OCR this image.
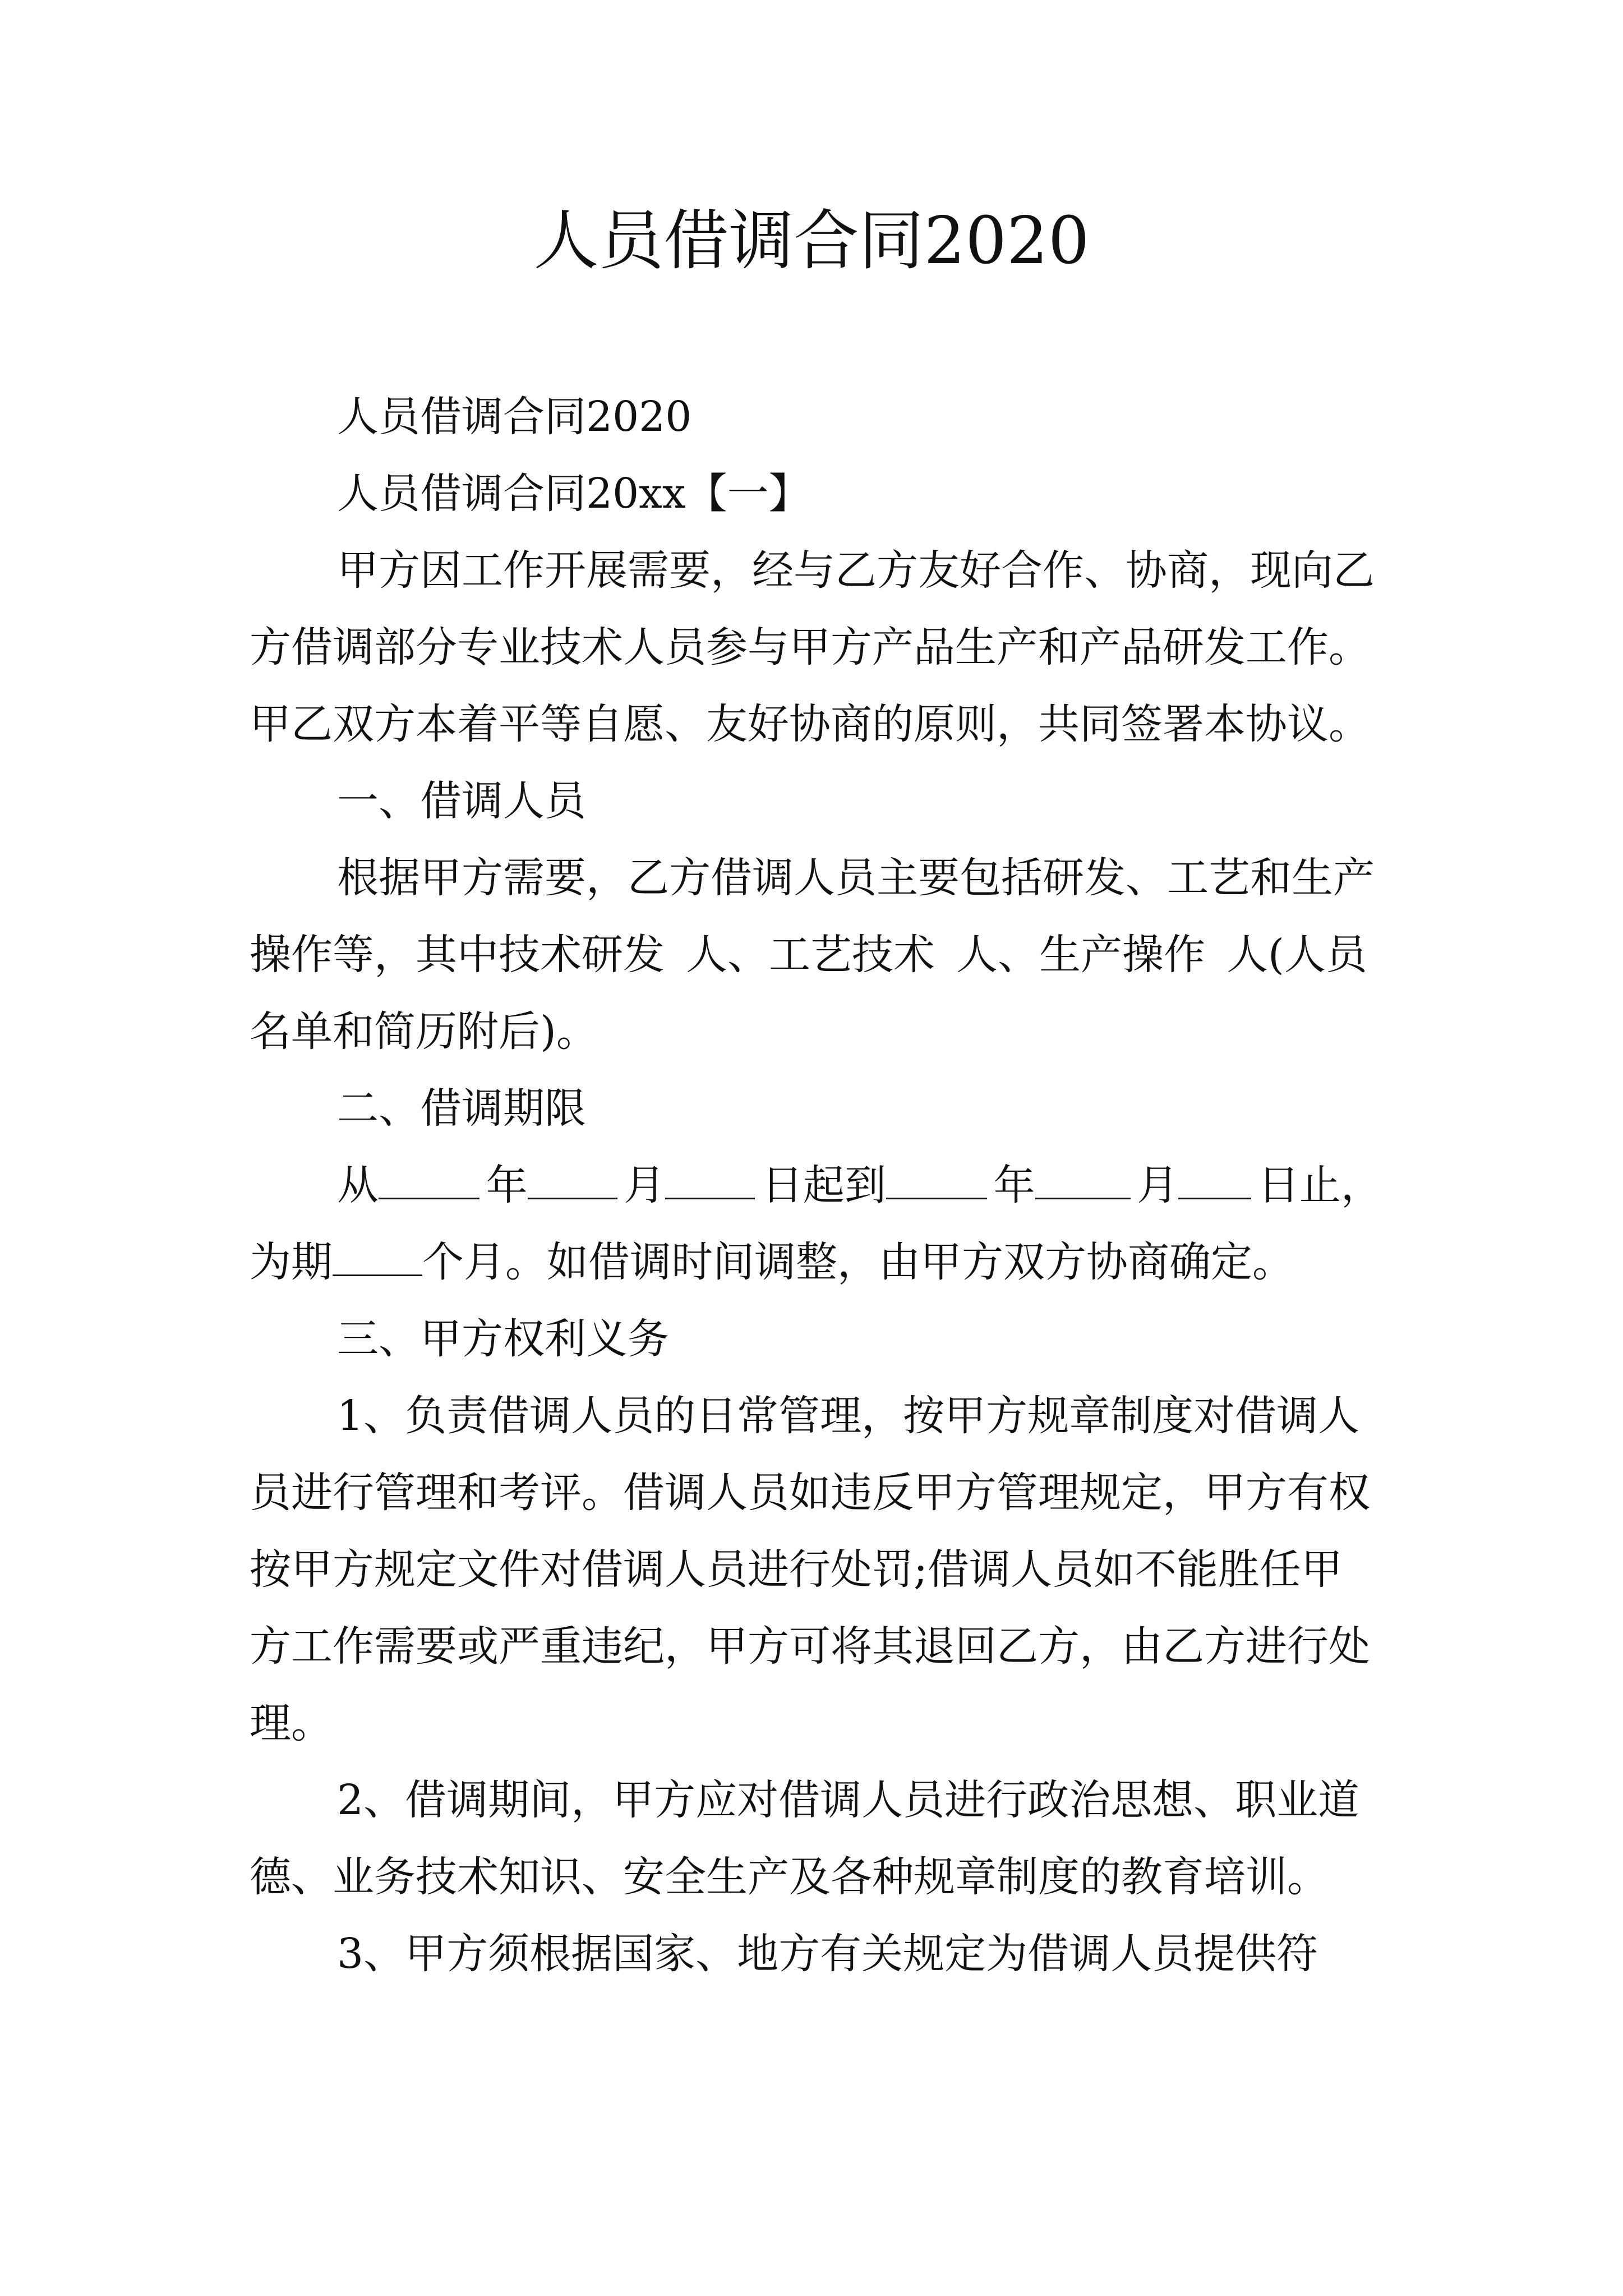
人员借调合同2020

人员借调合同2020

人员借调合同20xx【一】

甲方因工作开展需要，经与乙方友好合作、协商，现向乙方借调部分专业技术人员参与甲方产品生产和产品研发工作。甲乙双方本着平等自愿、友好协商的原则，共同签署本协议。

一、借调人员

根据甲方需要，乙方借调人员主要包括研发、工艺和生产操作等，其中技术研发 人、工艺技术 人、生产操作 人(人员名单和简历附后)。

二、借调期限

从	年	月	日起到	年	月	日止，

为期 个月。如借调时间调整，由甲方双方协商确定。

三、甲方权利义务

1、负责借调人员的日常管理，按甲方规章制度对借调人员进行管理和考评。借调人员如违反甲方管理规定，甲方有权按甲方规定文件对借调人员进行处罚;借调人员如不能胜任甲方工作需要或严重违纪，甲方可将其退回乙方，由乙方进行处理。

2、借调期间，甲方应对借调人员进行政治思想、职业道德、业务技术知识、安全生产及各种规章制度的教育培训。

3、甲方须根据国家、地方有关规定为借调人员提供符
